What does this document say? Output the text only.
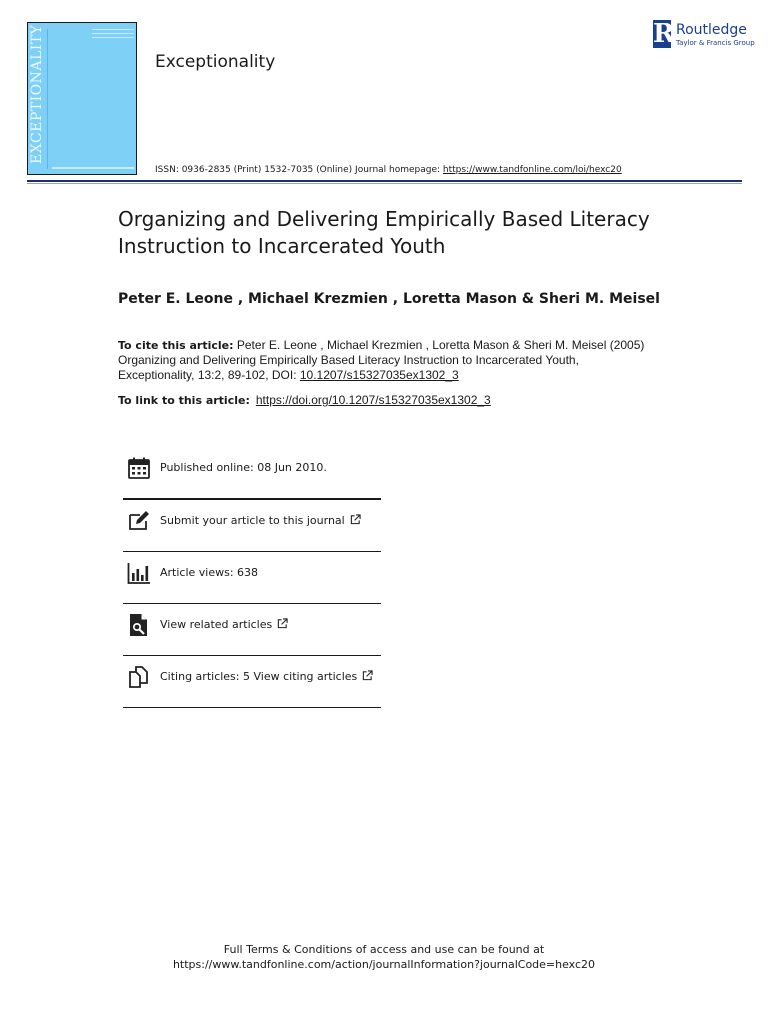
EXCEPTIONALITY	Exceptionality
R Routledge
Taylor & Francis Group
ISSN: 0936-2835 (Print) 1532-7035 (Online) Journal homepage: https://www.tandfonline.com/loi/hexc20
Organizing and Delivering Empirically Based Literacy Instruction to Incarcerated Youth
Peter E. Leone , Michael Krezmien , Loretta Mason & Sheri M. Meisel
To cite this article: Peter E. Leone , Michael Krezmien , Loretta Mason & Sheri M. Meisel (2005) Organizing and Delivering Empirically Based Literacy Instruction to Incarcerated Youth, Exceptionality, 13:2, 89-102, DOI: 10.1207/s15327035ex1302_3
To link to this article: https://doi.org/10.1207/s15327035ex1302_3
Published online: 08 Jun 2010.
Submit your article to this journal
Article views: 638
View related articles
Citing articles: 5 View citing articles
Full Terms & Conditions of access and use can be found at
https://www.tandfonline.com/action/journalInformation?journalCode=hexc20
